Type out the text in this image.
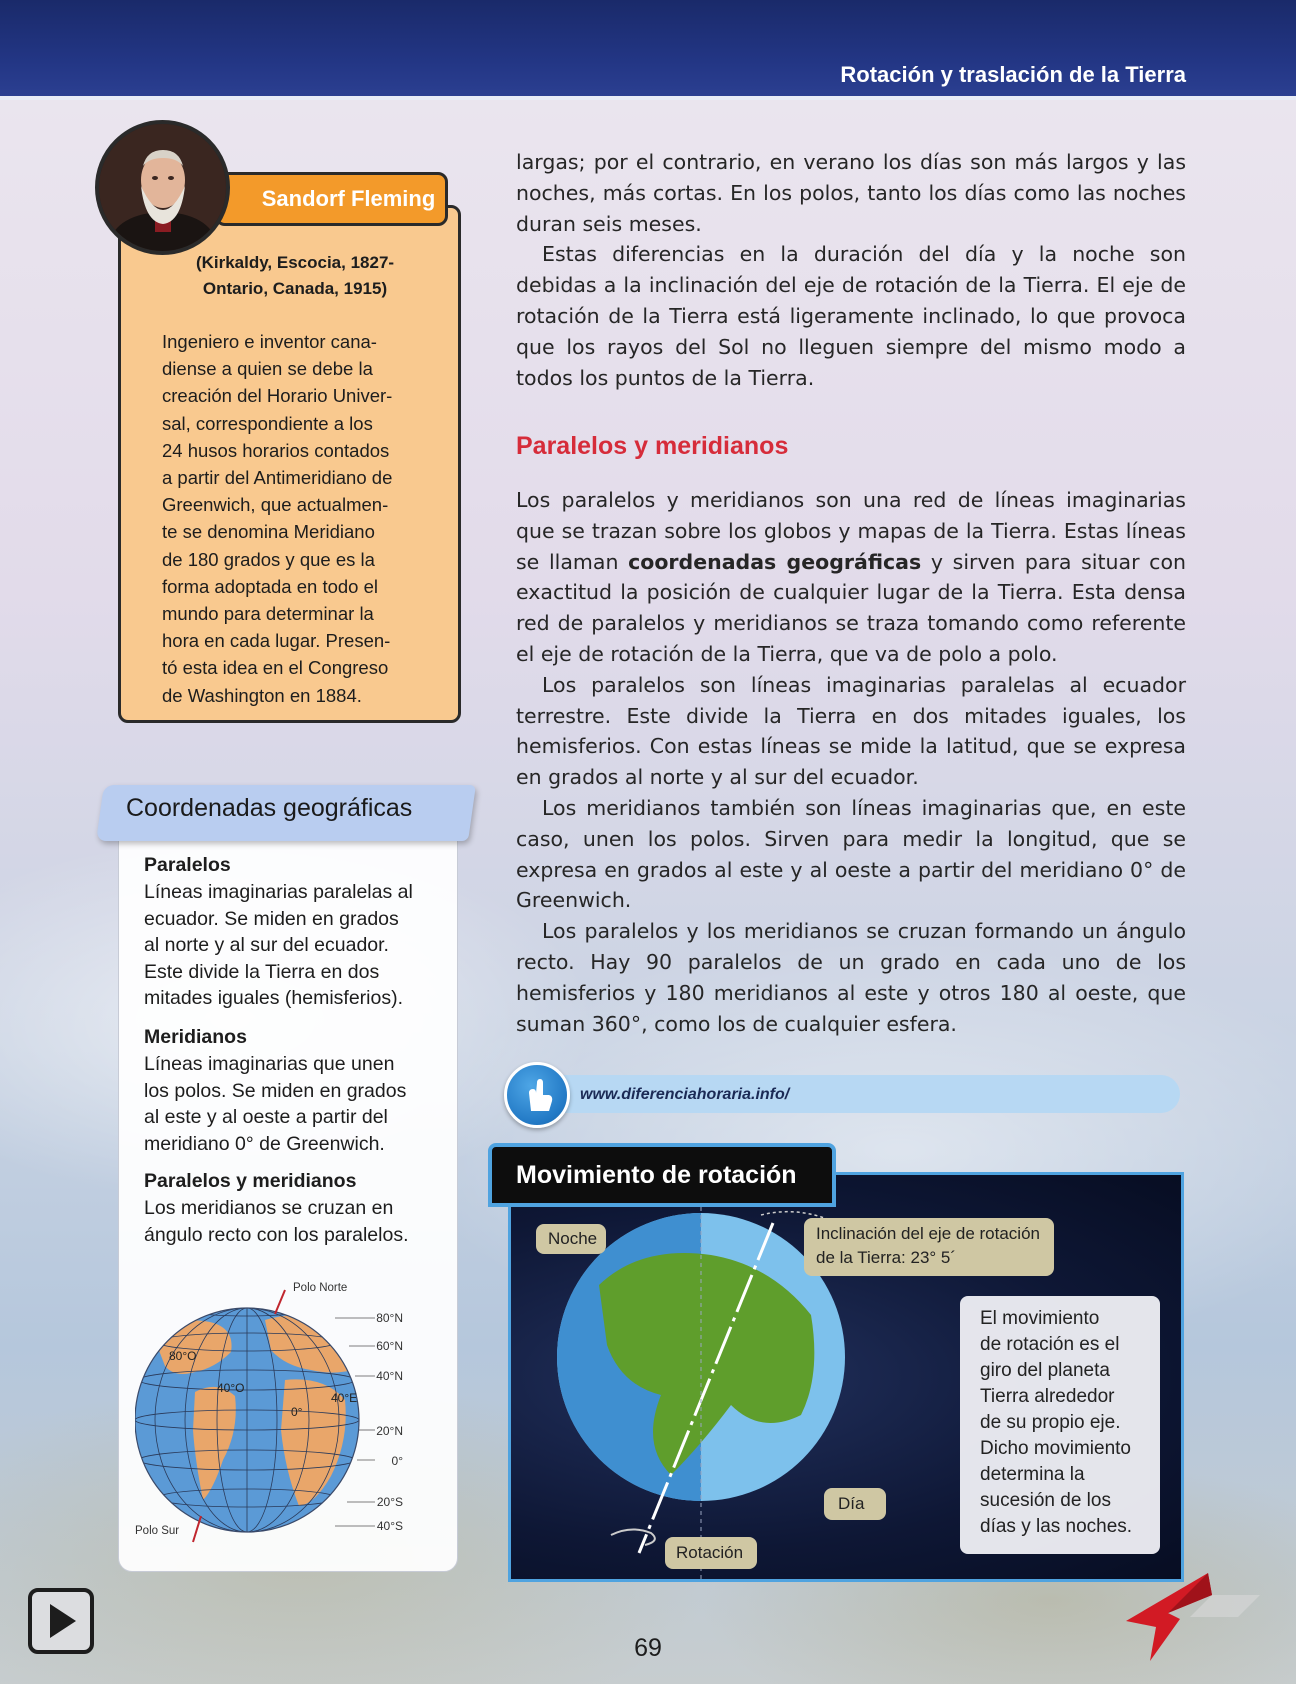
Rotación y traslación de la Tierra
Sandorf Fleming
(Kirkaldy, Escocia, 1827-
Ontario, Canada, 1915)
Ingeniero e inventor cana-
diense a quien se debe la
creación del Horario Univer-
sal, correspondiente a los
24 husos horarios contados
a partir del Antimeridiano de
Greenwich, que actualmen-
te se denomina Meridiano
de 180 grados y que es la
forma adoptada en todo el
mundo para determinar la
hora en cada lugar. Presen-
tó esta idea en el Congreso
de Washington en 1884.
Coordenadas geográficas
Paralelos
Líneas imaginarias paralelas al
ecuador. Se miden en grados
al norte y al sur del ecuador.
Este divide la Tierra en dos
mitades iguales (hemisferios).
Meridianos
Líneas imaginarias que unen
los polos. Se miden en grados
al este y al oeste a partir del
meridiano 0° de Greenwich.
Paralelos y meridianos
Los meridianos se cruzan en
ángulo recto con los paralelos.
Polo Norte
Polo Sur
80°N
60°N
40°N
20°N
0°
20°S
40°S
80°O
40°O
0°
40°E

largas; por el contrario, en verano los días son más largos y las noches, más cortas. En los polos, tanto los días como las noches duran seis meses.

Estas diferencias en la duración del día y la noche son debidas a la inclinación del eje de rotación de la Tierra. El eje de rotación de la Tierra está ligeramente inclinado, lo que provoca que los rayos del Sol no lleguen siempre del mismo modo a todos los puntos de la Tierra.

Paralelos y meridianos

Los paralelos y meridianos son una red de líneas imaginarias que se trazan sobre los globos y mapas de la Tierra. Estas líneas se llaman coordenadas geográficas y sirven para situar con exactitud la posición de cualquier lugar de la Tierra. Esta densa red de paralelos y meridianos se traza tomando como referente el eje de rotación de la Tierra, que va de polo a polo.

Los paralelos son líneas imaginarias paralelas al ecuador terrestre. Este divide la Tierra en dos mitades iguales, los hemisferios. Con estas líneas se mide la latitud, que se expresa en grados al norte y al sur del ecuador.

Los meridianos también son líneas imaginarias que, en este caso, unen los polos. Sirven para medir la longitud, que se expresa en grados al este y al oeste a partir del meridiano 0° de Greenwich.

Los paralelos y los meridianos se cruzan formando un ángulo recto. Hay 90 paralelos de un grado en cada uno de los hemisferios y 180 meridianos al este y otros 180 al oeste, que suman 360°, como los de cualquier esfera.

www.diferenciahoraria.info/
Movimiento de rotación
Noche	Inclinación del eje de rotación
de la Tierra: 23° 5´
Día
Rotación
El movimiento
de rotación es el
giro del planeta
Tierra alrededor
de su propio eje.
Dicho movimiento
determina la
sucesión de los
días y las noches.
69
